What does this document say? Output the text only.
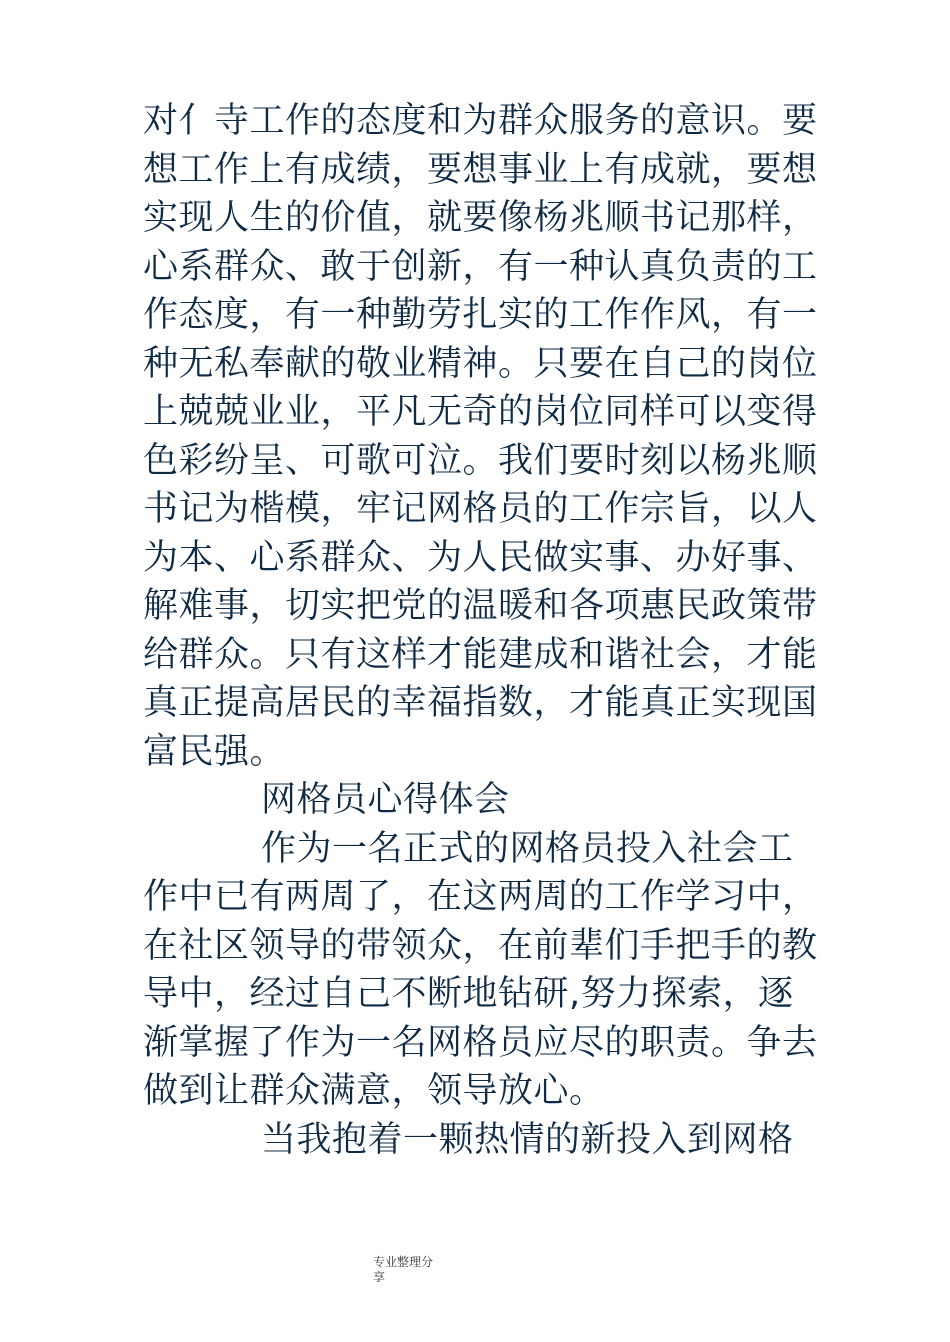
对亻寺工作的态度和为群众服务的意识。要
想工作上有成绩，要想事业上有成就，要想
实现人生的价值，就要像杨兆顺书记那样，
心系群众、敢于创新，有一种认真负责的工
作态度，有一种勤劳扎实的工作作风，有一
种无私奉献的敬业精神。只要在自己的岗位
上兢兢业业，平凡无奇的岗位同样可以变得
色彩纷呈、可歌可泣。我们要时刻以杨兆顺
书记为楷模，牢记网格员的工作宗旨，以人
为本、心系群众、为人民做实事、办好事、
解难事，切实把党的温暖和各项惠民政策带
给群众。只有这样才能建成和谐社会，才能
真正提高居民的幸福指数，才能真正实现国
富民强。
网格员心得体会
作为一名正式的网格员投入社会工
作中已有两周了，在这两周的工作学习中，
在社区领导的带领众，在前辈们手把手的教
导中，经过自己不断地钻研,努力探索，逐
渐掌握了作为一名网格员应尽的职责。争去
做到让群众满意，领导放心。
当我抱着一颗热情的新投入到网格
专业整理分
享
